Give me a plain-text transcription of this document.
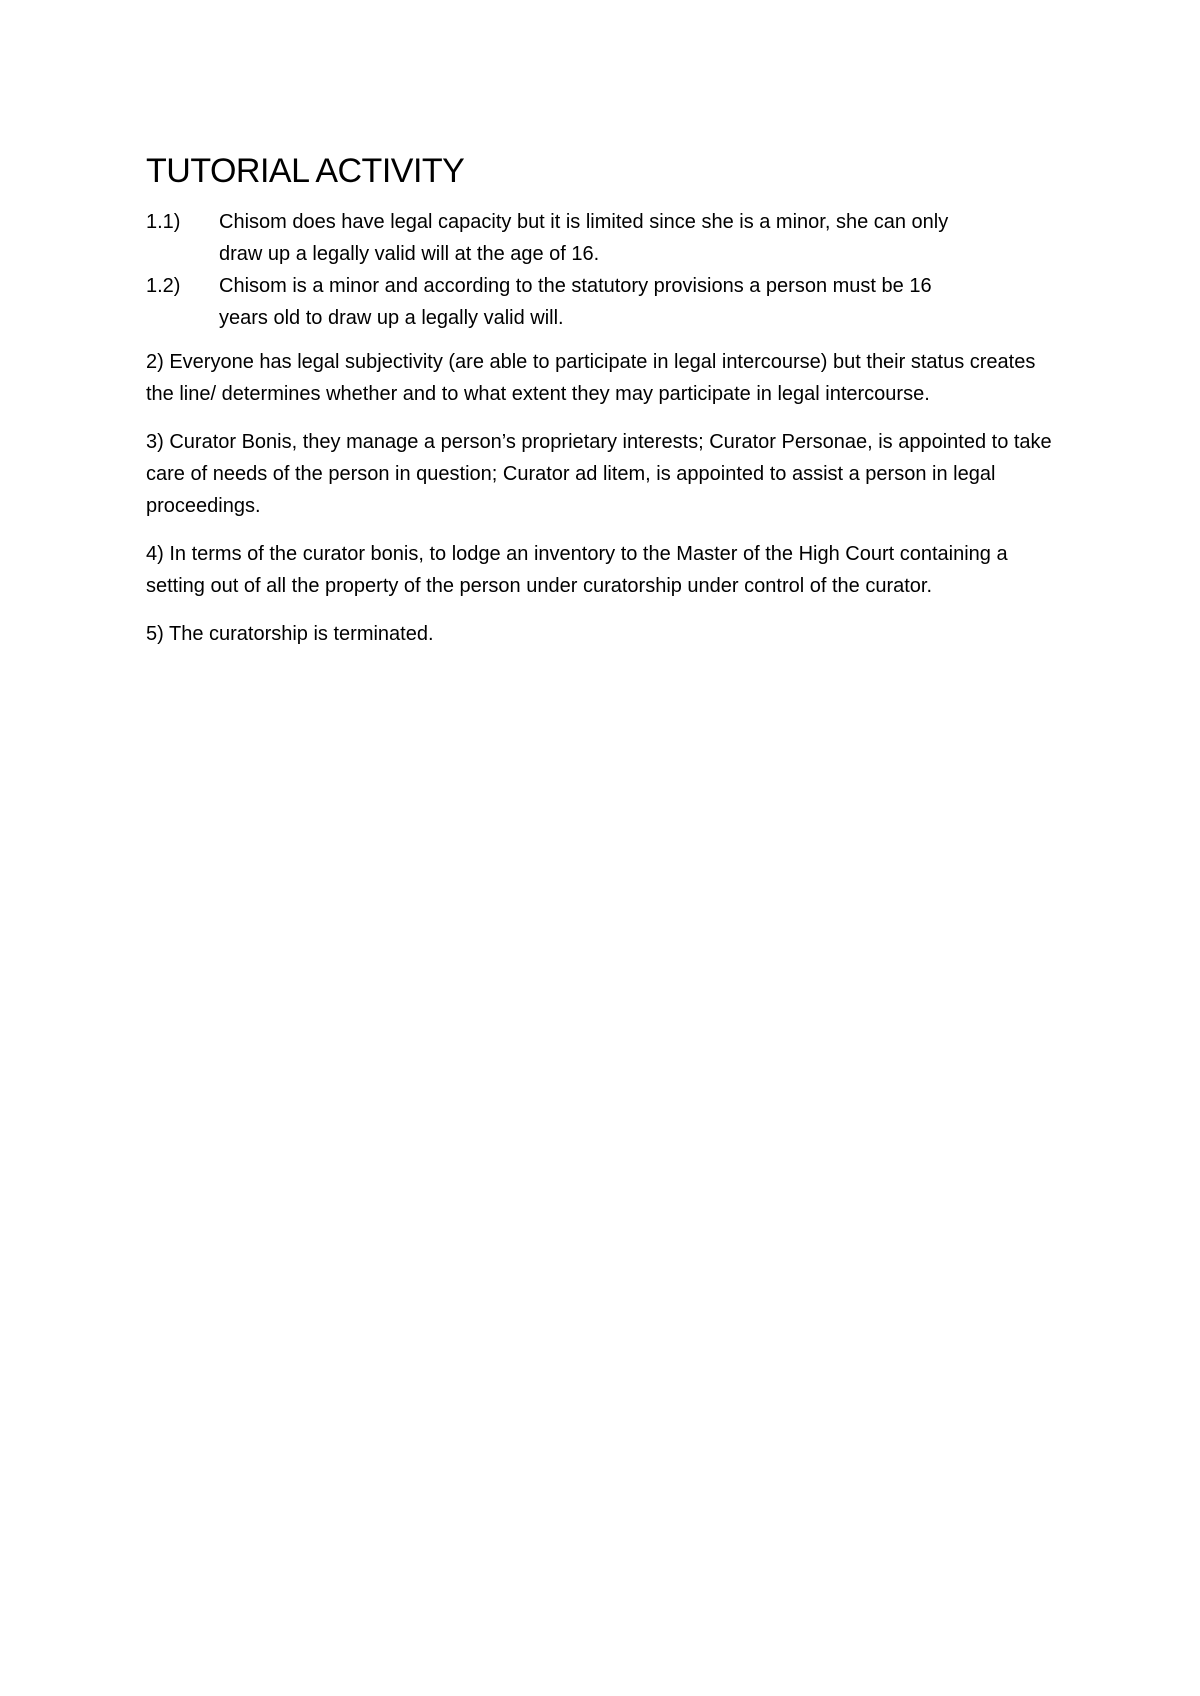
TUTORIAL ACTIVITY
1.1)	Chisom does have legal capacity but it is limited since she is a minor, she can only draw up a legally valid will at the age of 16.
1.2)	Chisom is a minor and according to the statutory provisions a person must be 16 years old to draw up a legally valid will.

2) Everyone has legal subjectivity (are able to participate in legal intercourse) but their status creates the line/ determines whether and to what extent they may participate in legal intercourse.

3) Curator Bonis, they manage a person’s proprietary interests; Curator Personae, is appointed to take care of needs of the person in question; Curator ad litem, is appointed to assist a person in legal proceedings.

4) In terms of the curator bonis, to lodge an inventory to the Master of the High Court containing a setting out of all the property of the person under curatorship under control of the curator.

5) The curatorship is terminated.
